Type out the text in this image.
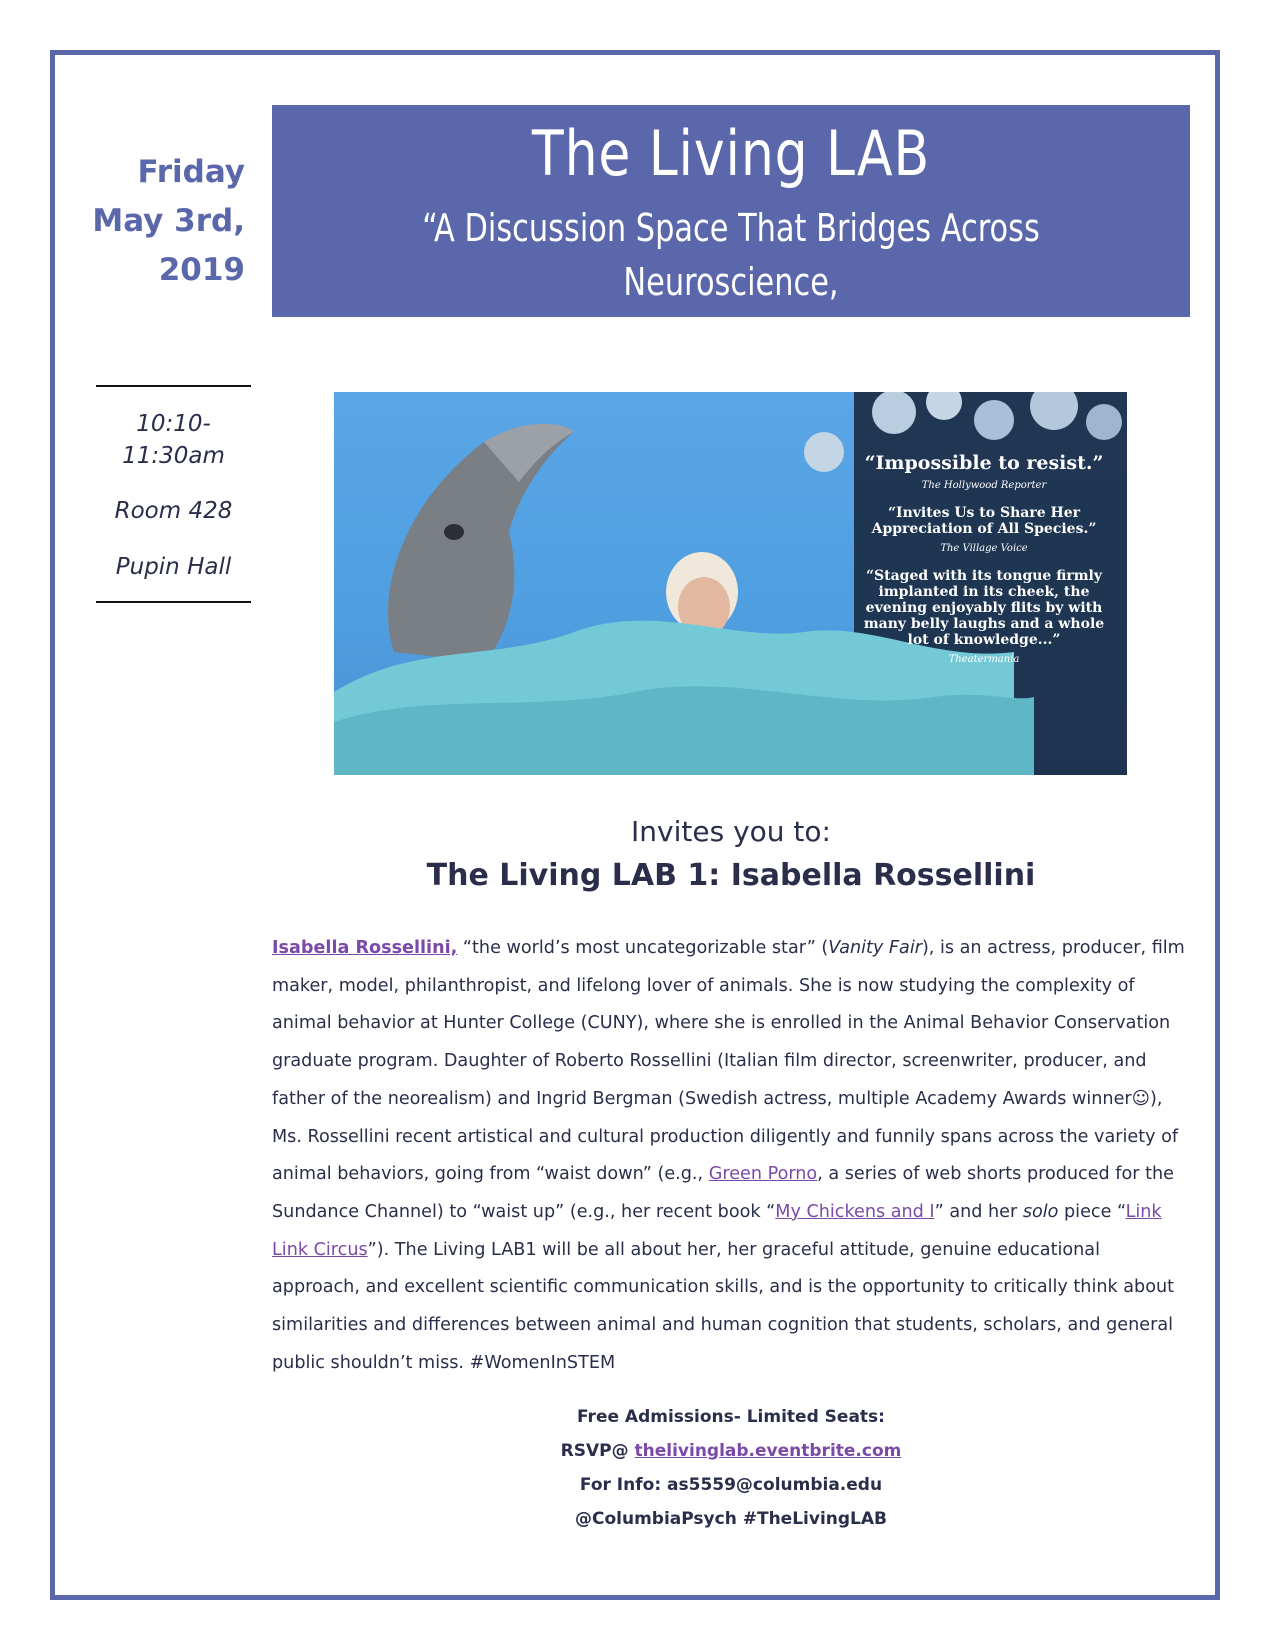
Friday
May 3rd,
2019
The Living LAB
“A Discussion Space That Bridges Across Neuroscience,
Psychology, and Society”
10:10-
11:30am
Room 428
Pupin Hall
“Impossible to resist.”
The Hollywood Reporter
“Invites Us to Share Her Appreciation of All Species.”
The Village Voice
“Staged with its tongue firmly implanted in its cheek, the evening enjoyably flits by with many belly laughs and a whole lot of knowledge...”
Theatermania
Invites you to:
The Living LAB 1: Isabella Rossellini
Isabella Rossellini, “the world’s most uncategorizable star” (Vanity Fair), is an actress, producer, film maker, model, philanthropist, and lifelong lover of animals. She is now studying the complexity of animal behavior at Hunter College (CUNY), where she is enrolled in the Animal Behavior Conservation graduate program. Daughter of Roberto Rossellini (Italian film director, screenwriter, producer, and father of the neorealism) and Ingrid Bergman (Swedish actress, multiple Academy Awards winner☺), Ms. Rossellini recent artistical and cultural production diligently and funnily spans across the variety of animal behaviors, going from “waist down” (e.g., Green Porno, a series of web shorts produced for the Sundance Channel) to “waist up” (e.g., her recent book “My Chickens and I” and her solo piece “Link Link Circus”). The Living LAB1 will be all about her, her graceful attitude, genuine educational approach, and excellent scientific communication skills, and is the opportunity to critically think about similarities and differences between animal and human cognition that students, scholars, and general public shouldn’t miss. #WomenInSTEM
Free Admissions- Limited Seats:
RSVP@ thelivinglab.eventbrite.com
For Info: as5559@columbia.edu
@ColumbiaPsych #TheLivingLAB
